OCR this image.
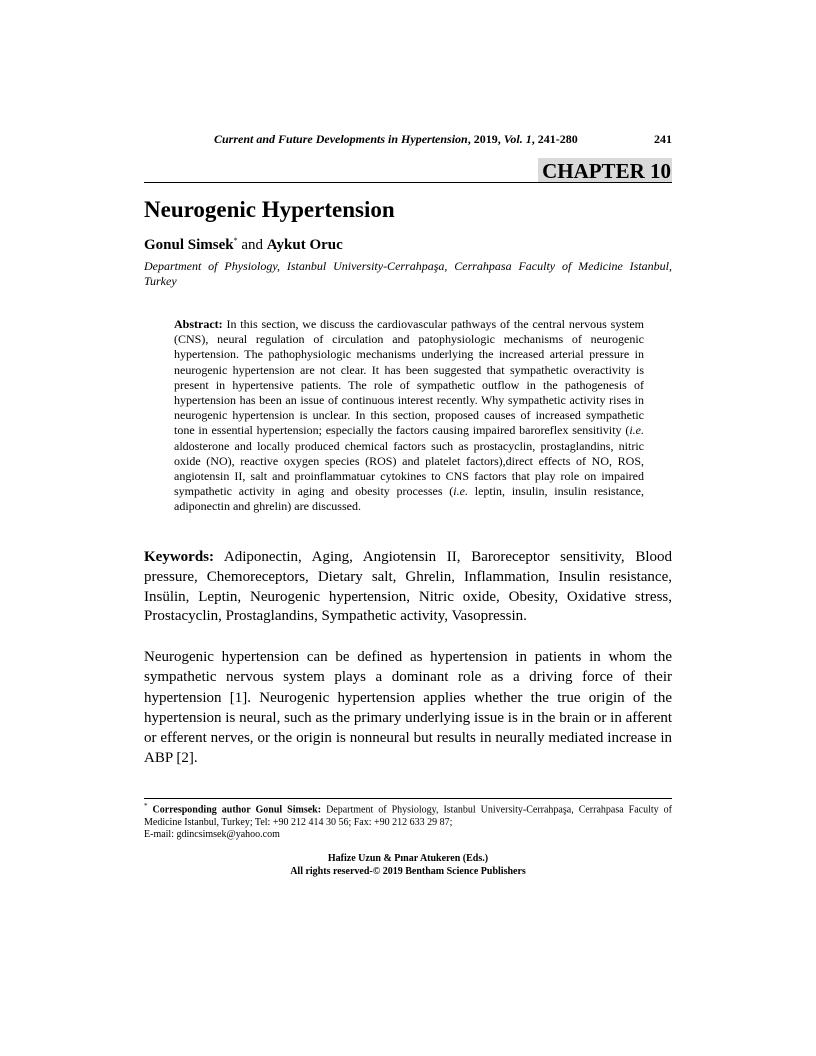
Current and Future Developments in Hypertension, 2019, Vol. 1, 241-280	241
CHAPTER 10
Neurogenic Hypertension
Gonul Simsek* and Aykut Oruc
Department of Physiology, Istanbul University-Cerrahpaşa, Cerrahpasa Faculty of Medicine Istanbul, Turkey
Abstract: In this section, we discuss the cardiovascular pathways of the central nervous system (CNS), neural regulation of circulation and patophysiologic mechanisms of neurogenic hypertension. The pathophysiologic mechanisms underlying the increased arterial pressure in neurogenic hypertension are not clear. It has been suggested that sympathetic overactivity is present in hypertensive patients. The role of sympathetic outflow in the pathogenesis of hypertension has been an issue of continuous interest recently. Why sympathetic activity rises in neurogenic hypertension is unclear. In this section, proposed causes of increased sympathetic tone in essential hypertension; especially the factors causing impaired baroreflex sensitivity (i.e. aldosterone and locally produced chemical factors such as prostacyclin, prostaglandins, nitric oxide (NO), reactive oxygen species (ROS) and platelet factors),direct effects of NO, ROS, angiotensin II, salt and proinflammatuar cytokines to CNS factors that play role on impaired sympathetic activity in aging and obesity processes (i.e. leptin, insulin, insulin resistance, adiponectin and ghrelin) are discussed.
Keywords: Adiponectin, Aging, Angiotensin II, Baroreceptor sensitivity, Blood pressure, Chemoreceptors, Dietary salt, Ghrelin, Inflammation, Insulin resistance, Insülin, Leptin, Neurogenic hypertension, Nitric oxide, Obesity, Oxidative stress, Prostacyclin, Prostaglandins, Sympathetic activity, Vasopressin.
Neurogenic hypertension can be defined as hypertension in patients in whom the sympathetic nervous system plays a dominant role as a driving force of their hypertension [1]. Neurogenic hypertension applies whether the true origin of the hypertension is neural, such as the primary underlying issue is in the brain or in afferent or efferent nerves, or the origin is nonneural but results in neurally mediated increase in ABP [2].
* Corresponding author Gonul Simsek: Department of Physiology, Istanbul University-Cerrahpaşa, Cerrahpasa Faculty of Medicine Istanbul, Turkey; Tel: +90 212 414 30 56; Fax: +90 212 633 29 87;
E-mail: gdincsimsek@yahoo.com
Hafize Uzun & Pınar Atukeren (Eds.)
All rights reserved-© 2019 Bentham Science Publishers
